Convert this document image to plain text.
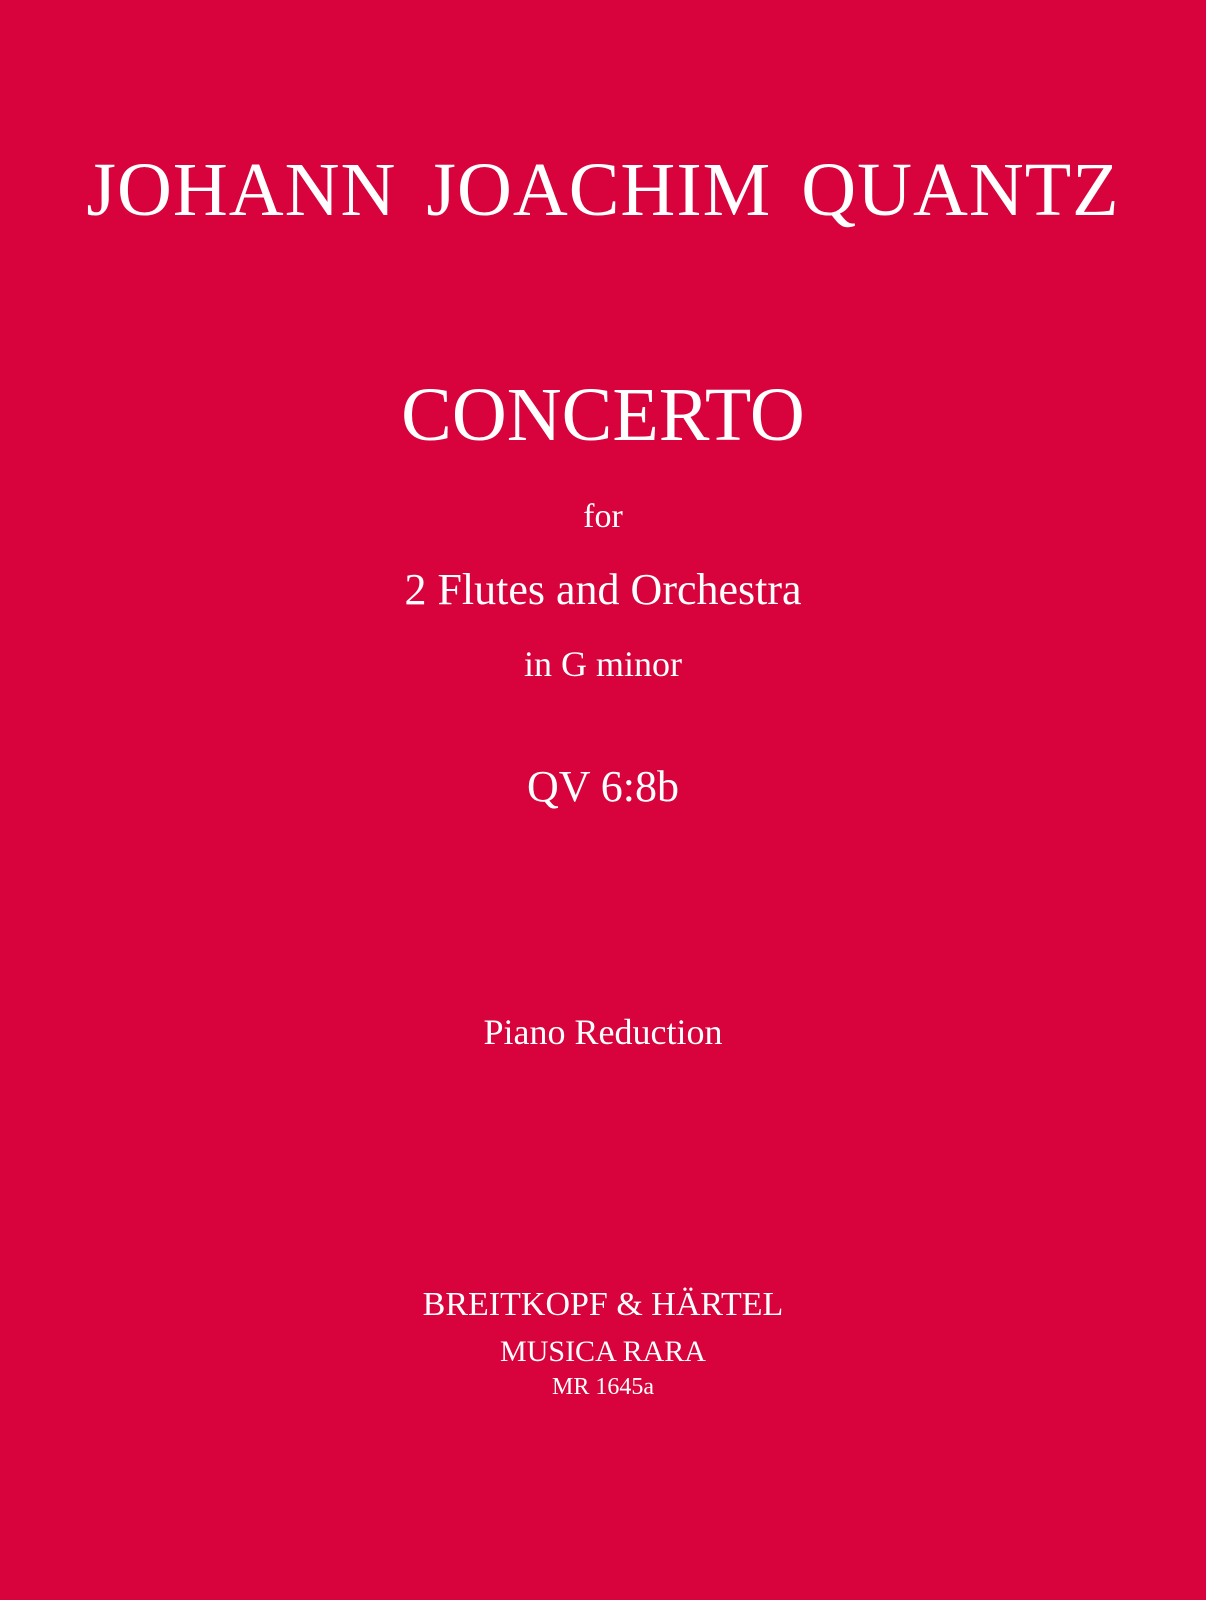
JOHANN JOACHIM QUANTZ
CONCERTO
for
2 Flutes and Orchestra
in G minor
QV 6:8b
Piano Reduction
BREITKOPF & HÄRTEL
MUSICA RARA
MR 1645a
